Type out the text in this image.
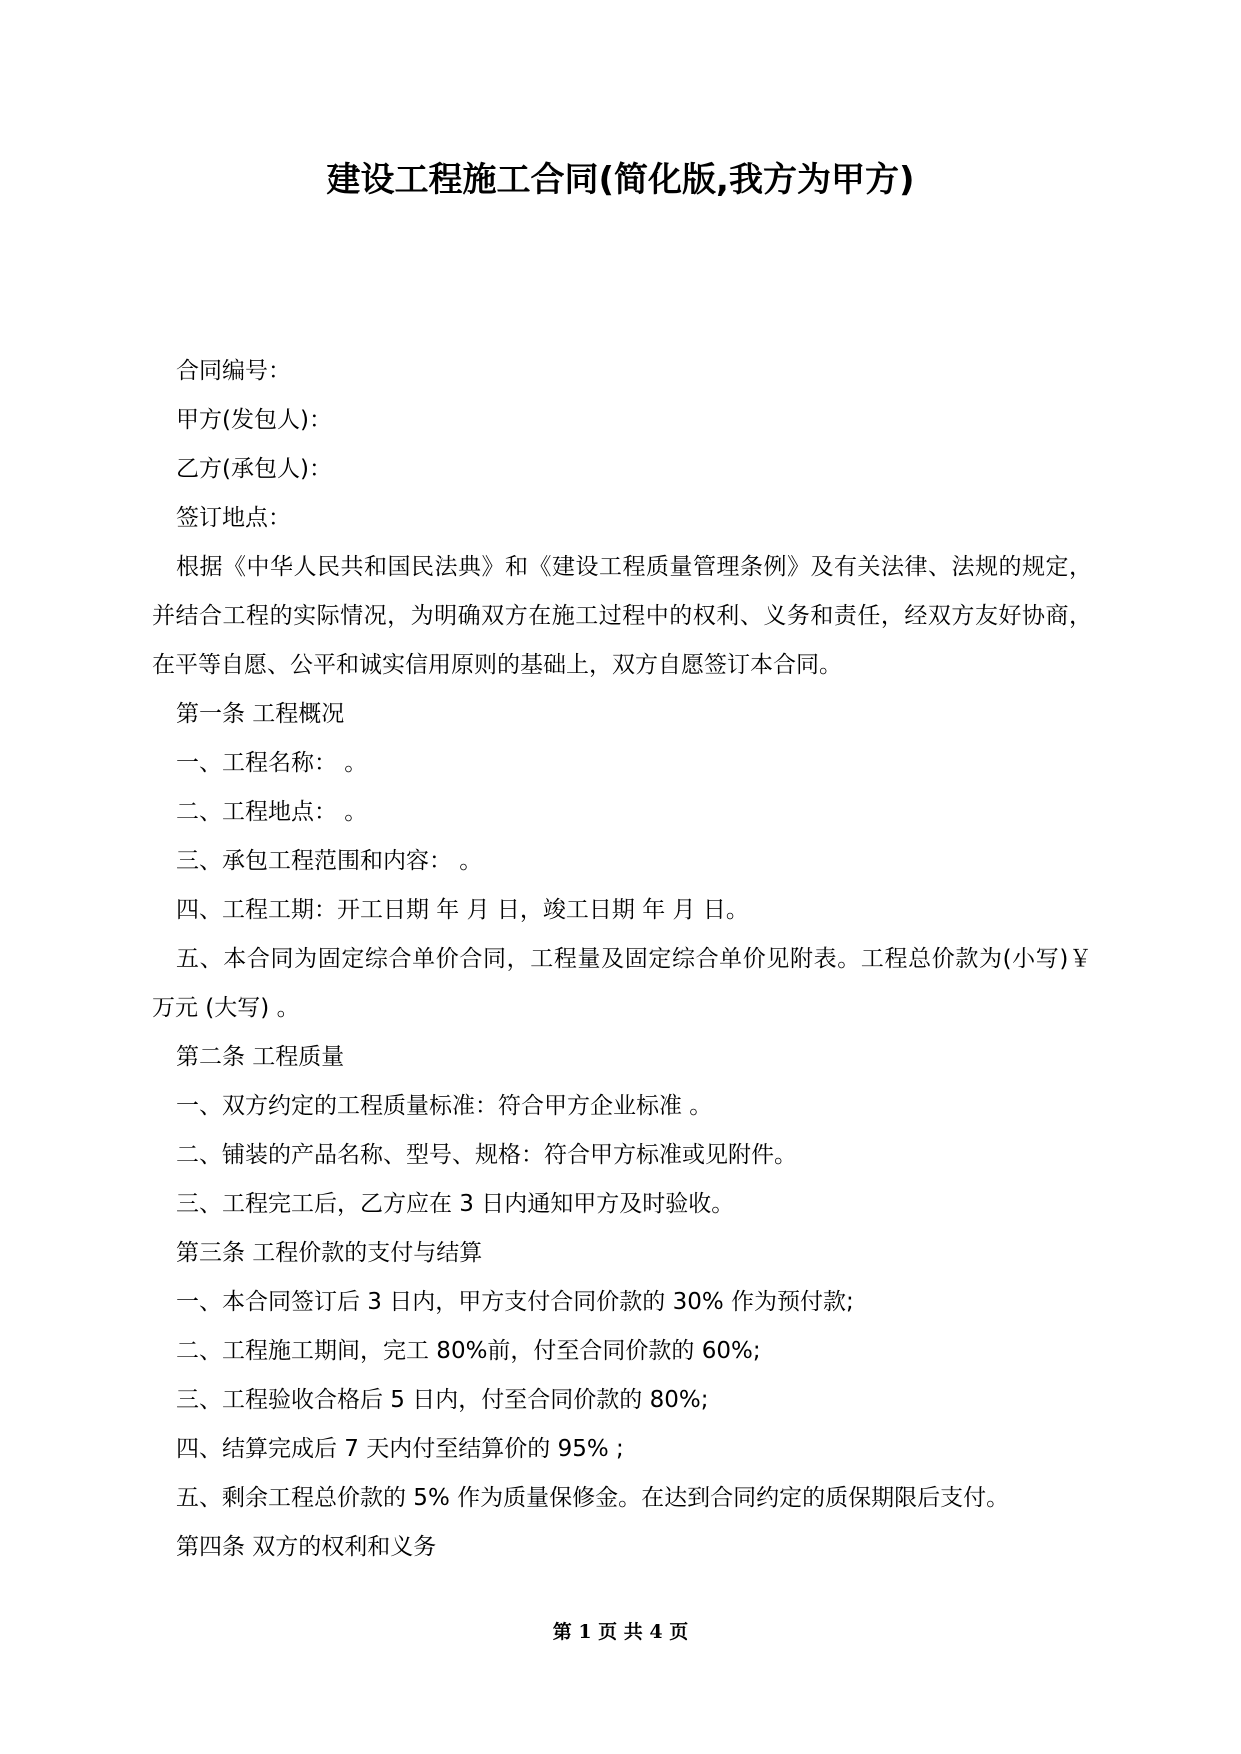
建设工程施工合同(简化版,我方为甲方)
合同编号：
甲方(发包人)：
乙方(承包人)：
签订地点：
根据《中华人民共和国民法典》和《建设工程质量管理条例》及有关法律、法规的规定，并结合工程的实际情况，为明确双方在施工过程中的权利、义务和责任，经双方友好协商，在平等自愿、公平和诚实信用原则的基础上，双方自愿签订本合同。
第一条 工程概况
一、工程名称： 。
二、工程地点： 。
三、承包工程范围和内容： 。
四、工程工期：开工日期 年 月 日，竣工日期 年 月 日。
五、本合同为固定综合单价合同，工程量及固定综合单价见附表。工程总价款为(小写)￥ 万元 (大写) 。
第二条 工程质量
一、双方约定的工程质量标准：符合甲方企业标准 。
二、铺装的产品名称、型号、规格：符合甲方标准或见附件。
三、工程完工后，乙方应在 3 日内通知甲方及时验收。
第三条 工程价款的支付与结算
一、本合同签订后 3 日内，甲方支付合同价款的 30% 作为预付款;
二、工程施工期间，完工 80%前，付至合同价款的 60%;
三、工程验收合格后 5 日内，付至合同价款的 80%;
四、结算完成后 7 天内付至结算价的 95% ;
五、剩余工程总价款的 5% 作为质量保修金。在达到合同约定的质保期限后支付。
第四条 双方的权利和义务
第 1 页 共 4 页
